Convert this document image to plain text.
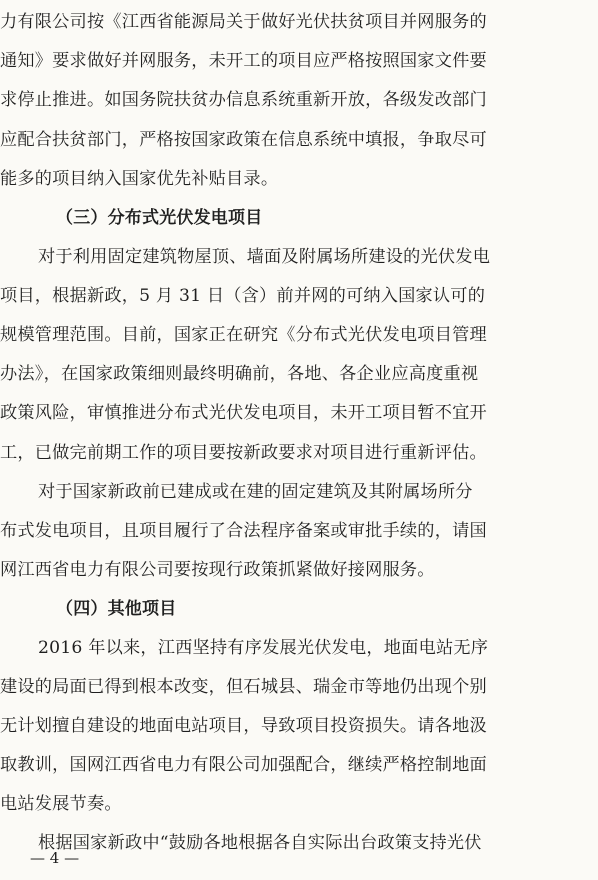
力有限公司按《江西省能源局关于做好光伏扶贫项目并网服务的
通知》要求做好并网服务，未开工的项目应严格按照国家文件要
求停止推进。如国务院扶贫办信息系统重新开放，各级发改部门
应配合扶贫部门，严格按国家政策在信息系统中填报，争取尽可
能多的项目纳入国家优先补贴目录。
（三）分布式光伏发电项目
对于利用固定建筑物屋顶、墙面及附属场所建设的光伏发电
项目，根据新政，5 月 31 日（含）前并网的可纳入国家认可的
规模管理范围。目前，国家正在研究《分布式光伏发电项目管理
办法》，在国家政策细则最终明确前，各地、各企业应高度重视
政策风险，审慎推进分布式光伏发电项目，未开工项目暂不宜开
工，已做完前期工作的项目要按新政要求对项目进行重新评估。
对于国家新政前已建成或在建的固定建筑及其附属场所分
布式发电项目，且项目履行了合法程序备案或审批手续的，请国
网江西省电力有限公司要按现行政策抓紧做好接网服务。
（四）其他项目
2016 年以来，江西坚持有序发展光伏发电，地面电站无序
建设的局面已得到根本改变，但石城县、瑞金市等地仍出现个别
无计划擅自建设的地面电站项目，导致项目投资损失。请各地汲
取教训，国网江西省电力有限公司加强配合，继续严格控制地面
电站发展节奏。
根据国家新政中“鼓励各地根据各自实际出台政策支持光伏
— 4 —
